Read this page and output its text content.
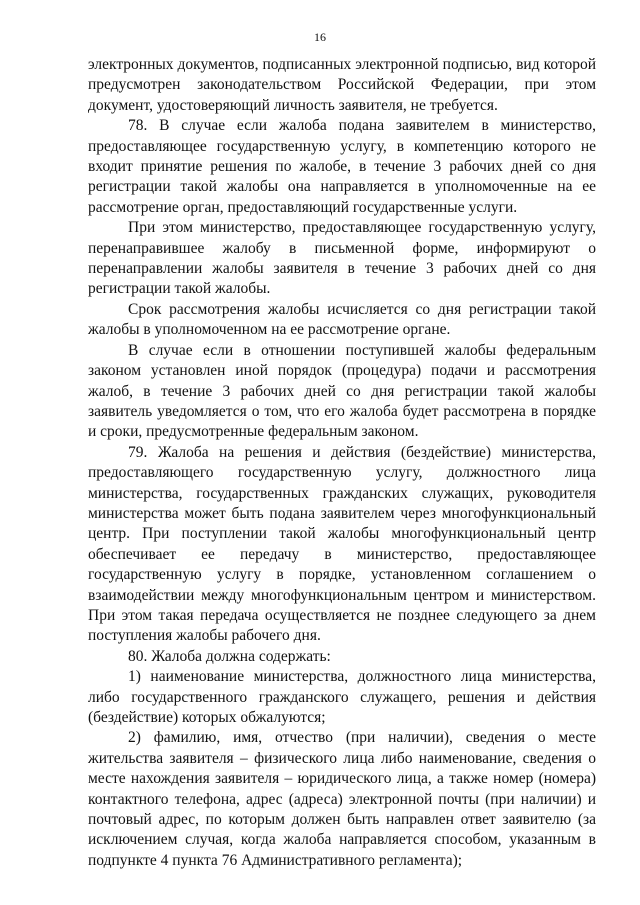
16

электронных документов, подписанных электронной подписью, вид которой предусмотрен законодательством Российской Федерации, при этом документ, удостоверяющий личность заявителя, не требуется.

78. В случае если жалоба подана заявителем в министерство, предоставляющее государственную услугу, в компетенцию которого не входит принятие решения по жалобе, в течение 3 рабочих дней со дня регистрации такой жалобы она направляется в уполномоченные на ее рассмотрение орган, предоставляющий государственные услуги.

При этом министерство, предоставляющее государственную услугу, перенаправившее жалобу в письменной форме, информируют о перенаправлении жалобы заявителя в течение 3 рабочих дней со дня регистрации такой жалобы.

Срок рассмотрения жалобы исчисляется со дня регистрации такой жалобы в уполномоченном на ее рассмотрение органе.

В случае если в отношении поступившей жалобы федеральным законом установлен иной порядок (процедура) подачи и рассмотрения жалоб, в течение 3 рабочих дней со дня регистрации такой жалобы заявитель уведомляется о том, что его жалоба будет рассмотрена в порядке и сроки, предусмотренные федеральным законом.

79. Жалоба на решения и действия (бездействие) министерства, предоставляющего государственную услугу, должностного лица министерства, государственных гражданских служащих, руководителя министерства может быть подана заявителем через многофункциональный центр. При поступлении такой жалобы многофункциональный центр обеспечивает ее передачу в министерство, предоставляющее государственную услугу в порядке, установленном соглашением о взаимодействии между многофункциональным центром и министерством. При этом такая передача осуществляется не позднее следующего за днем поступления жалобы рабочего дня.

80. Жалоба должна содержать:

1) наименование министерства, должностного лица министерства, либо государственного гражданского служащего, решения и действия (бездействие) которых обжалуются;

2) фамилию, имя, отчество (при наличии), сведения о месте жительства заявителя – физического лица либо наименование, сведения о месте нахождения заявителя – юридического лица, а также номер (номера) контактного телефона, адрес (адреса) электронной почты (при наличии) и почтовый адрес, по которым должен быть направлен ответ заявителю (за исключением случая, когда жалоба направляется способом, указанным в подпункте 4 пункта 76 Административного регламента);
